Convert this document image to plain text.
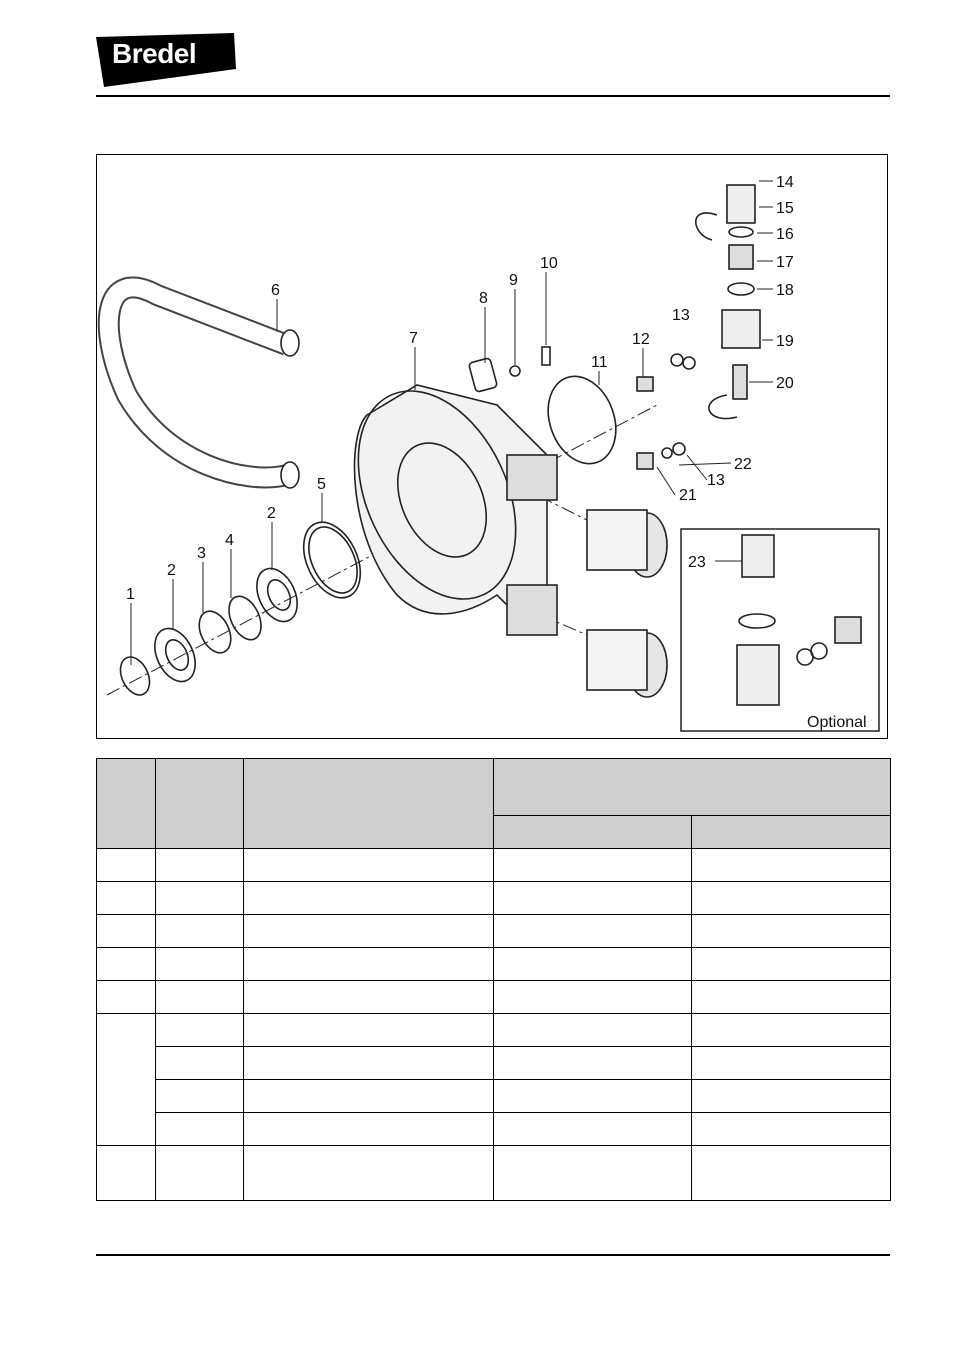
Bredel
1
2
3
4
2
5
6
7
8
9
10
11
12
13
13
14
15
16
17
18
19
20
21
22
23
Optional
